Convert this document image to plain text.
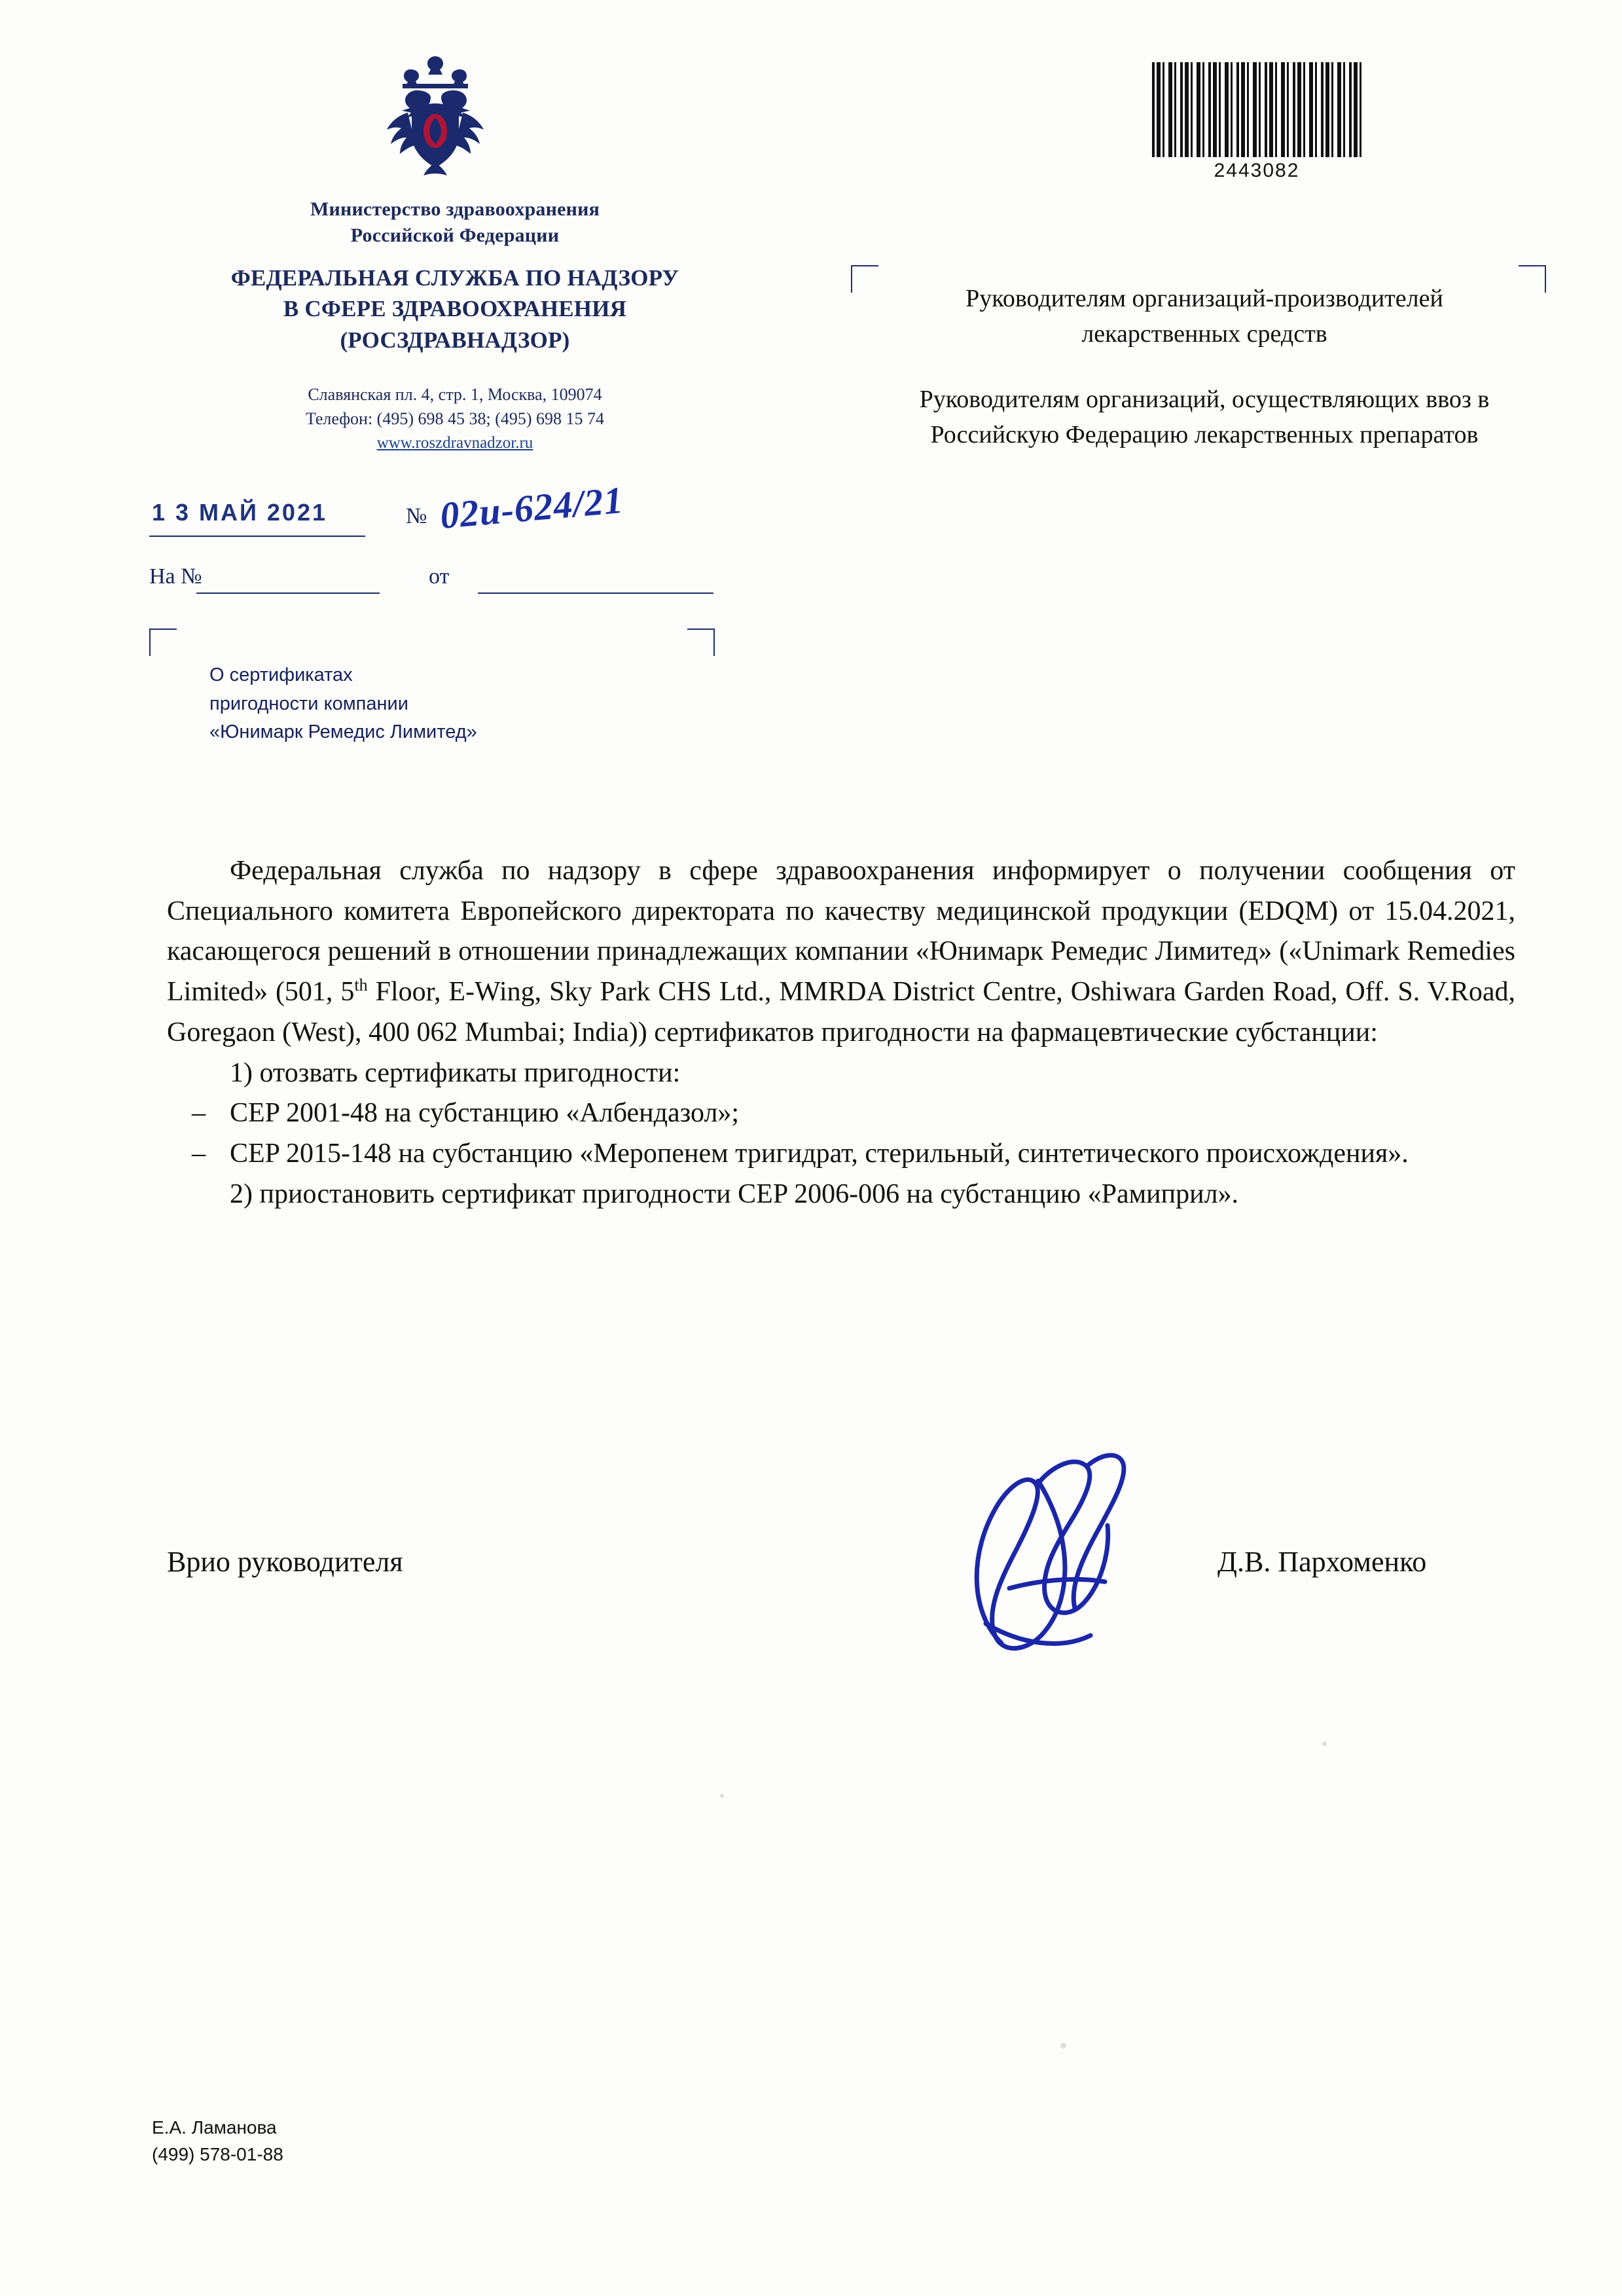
2443082
Министерство здравоохранения
Российской Федерации
ФЕДЕРАЛЬНАЯ СЛУЖБА ПО НАДЗОРУ
В СФЕРЕ ЗДРАВООХРАНЕНИЯ
(РОСЗДРАВНАДЗОР)
Славянская пл. 4, стр. 1, Москва, 109074
Телефон: (495) 698 45 38; (495) 698 15 74
www.roszdravnadzor.ru
1 3 МАЙ 2021	№ 02и-624/21
На №	от
О сертификатах
пригодности компании
«Юнимарк Ремедис Лимитед»

Руководителям организаций-производителей лекарственных средств

Руководителям организаций, осуществляющих ввоз в Российскую Федерацию лекарственных препаратов

Федеральная служба по надзору в сфере здравоохранения информирует о получении сообщения от Специального комитета Европейского директората по качеству медицинской продукции (EDQM) от 15.04.2021, касающегося решений в отношении принадлежащих компании «Юнимарк Ремедис Лимитед» («Unimark Remedies Limited» (501, 5th Floor, E-Wing, Sky Park CHS Ltd., MMRDA District Centre, Oshiwara Garden Road, Off. S. V.Road, Goregaon (West), 400 062 Mumbai; India)) сертификатов пригодности на фармацевтические субстанции:

1) отозвать сертификаты пригодности:

– CEP 2001-48 на субстанцию «Албендазол»;

– CEP 2015-148 на субстанцию «Меропенем тригидрат, стерильный, синтетического происхождения».

2) приостановить сертификат пригодности CEP 2006-006 на субстанцию «Рамиприл».

Врио руководителя	Д.В. Пархоменко
Е.А. Ламанова
(499) 578-01-88
